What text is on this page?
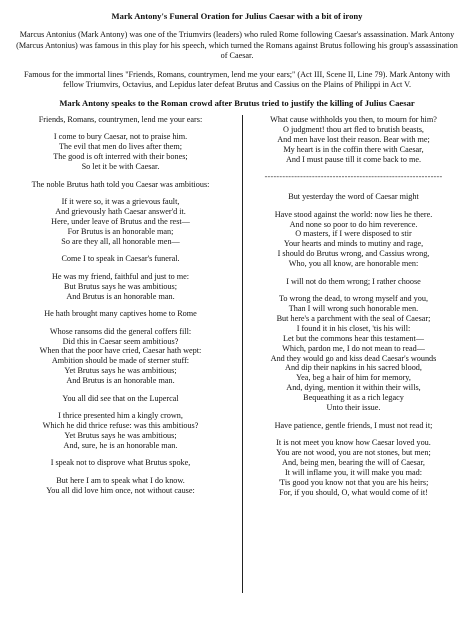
Mark Antony's Funeral Oration for Julius Caesar with a bit of irony
Marcus Antonius (Mark Antony) was one of the Triumvirs (leaders) who ruled Rome following Caesar's assassination. Mark Antony (Marcus Antonius) was famous in this play for his speech, which turned the Romans against Brutus following his group's assassination of Caesar.
Famous for the immortal lines "Friends, Romans, countrymen, lend me your ears;" (Act III, Scene II, Line 79). Mark Antony with fellow Triumvirs, Octavius, and Lepidus later defeat Brutus and Cassius on the Plains of Philippi in Act V.
Mark Antony speaks to the Roman crowd after Brutus tried to justify the killing of Julius Caesar
Friends, Romans, countrymen, lend me your ears:
I come to bury Caesar, not to praise him.
The evil that men do lives after them;
The good is oft interred with their bones;
So let it be with Caesar.
The noble Brutus hath told you Caesar was ambitious:
If it were so, it was a grievous fault,
And grievously hath Caesar answer'd it.
Here, under leave of Brutus and the rest—
For Brutus is an honorable man;
So are they all, all honorable men—
Come I to speak in Caesar's funeral.
He was my friend, faithful and just to me:
But Brutus says he was ambitious;
And Brutus is an honorable man.
He hath brought many captives home to Rome
Whose ransoms did the general coffers fill:
Did this in Caesar seem ambitious?
When that the poor have cried, Caesar hath wept:
Ambition should be made of sterner stuff:
Yet Brutus says he was ambitious;
And Brutus is an honorable man.
You all did see that on the Lupercal
I thrice presented him a kingly crown,
Which he did thrice refuse: was this ambitious?
Yet Brutus says he was ambitious;
And, sure, he is an honorable man.
I speak not to disprove what Brutus spoke,
But here I am to speak what I do know.
You all did love him once, not without cause:
What cause withholds you then, to mourn for him?
O judgment! thou art fled to brutish beasts,
And men have lost their reason. Bear with me;
My heart is in the coffin there with Caesar,
And I must pause till it come back to me.
------------------------------------------------------------
But yesterday the word of Caesar might
Have stood against the world: now lies he there.
And none so poor to do him reverence.
O masters, if I were disposed to stir
Your hearts and minds to mutiny and rage,
I should do Brutus wrong, and Cassius wrong,
Who, you all know, are honorable men:
I will not do them wrong; I rather choose
To wrong the dead, to wrong myself and you,
Than I will wrong such honorable men.
But here's a parchment with the seal of Caesar;
I found it in his closet, 'tis his will:
Let but the commons hear this testament—
Which, pardon me, I do not mean to read—
And they would go and kiss dead Caesar's wounds
And dip their napkins in his sacred blood,
Yea, beg a hair of him for memory,
And, dying, mention it within their wills,
Bequeathing it as a rich legacy
Unto their issue.
Have patience, gentle friends, I must not read it;
It is not meet you know how Caesar loved you.
You are not wood, you are not stones, but men;
And, being men, bearing the will of Caesar,
It will inflame you, it will make you mad:
'Tis good you know not that you are his heirs;
For, if you should, O, what would come of it!
